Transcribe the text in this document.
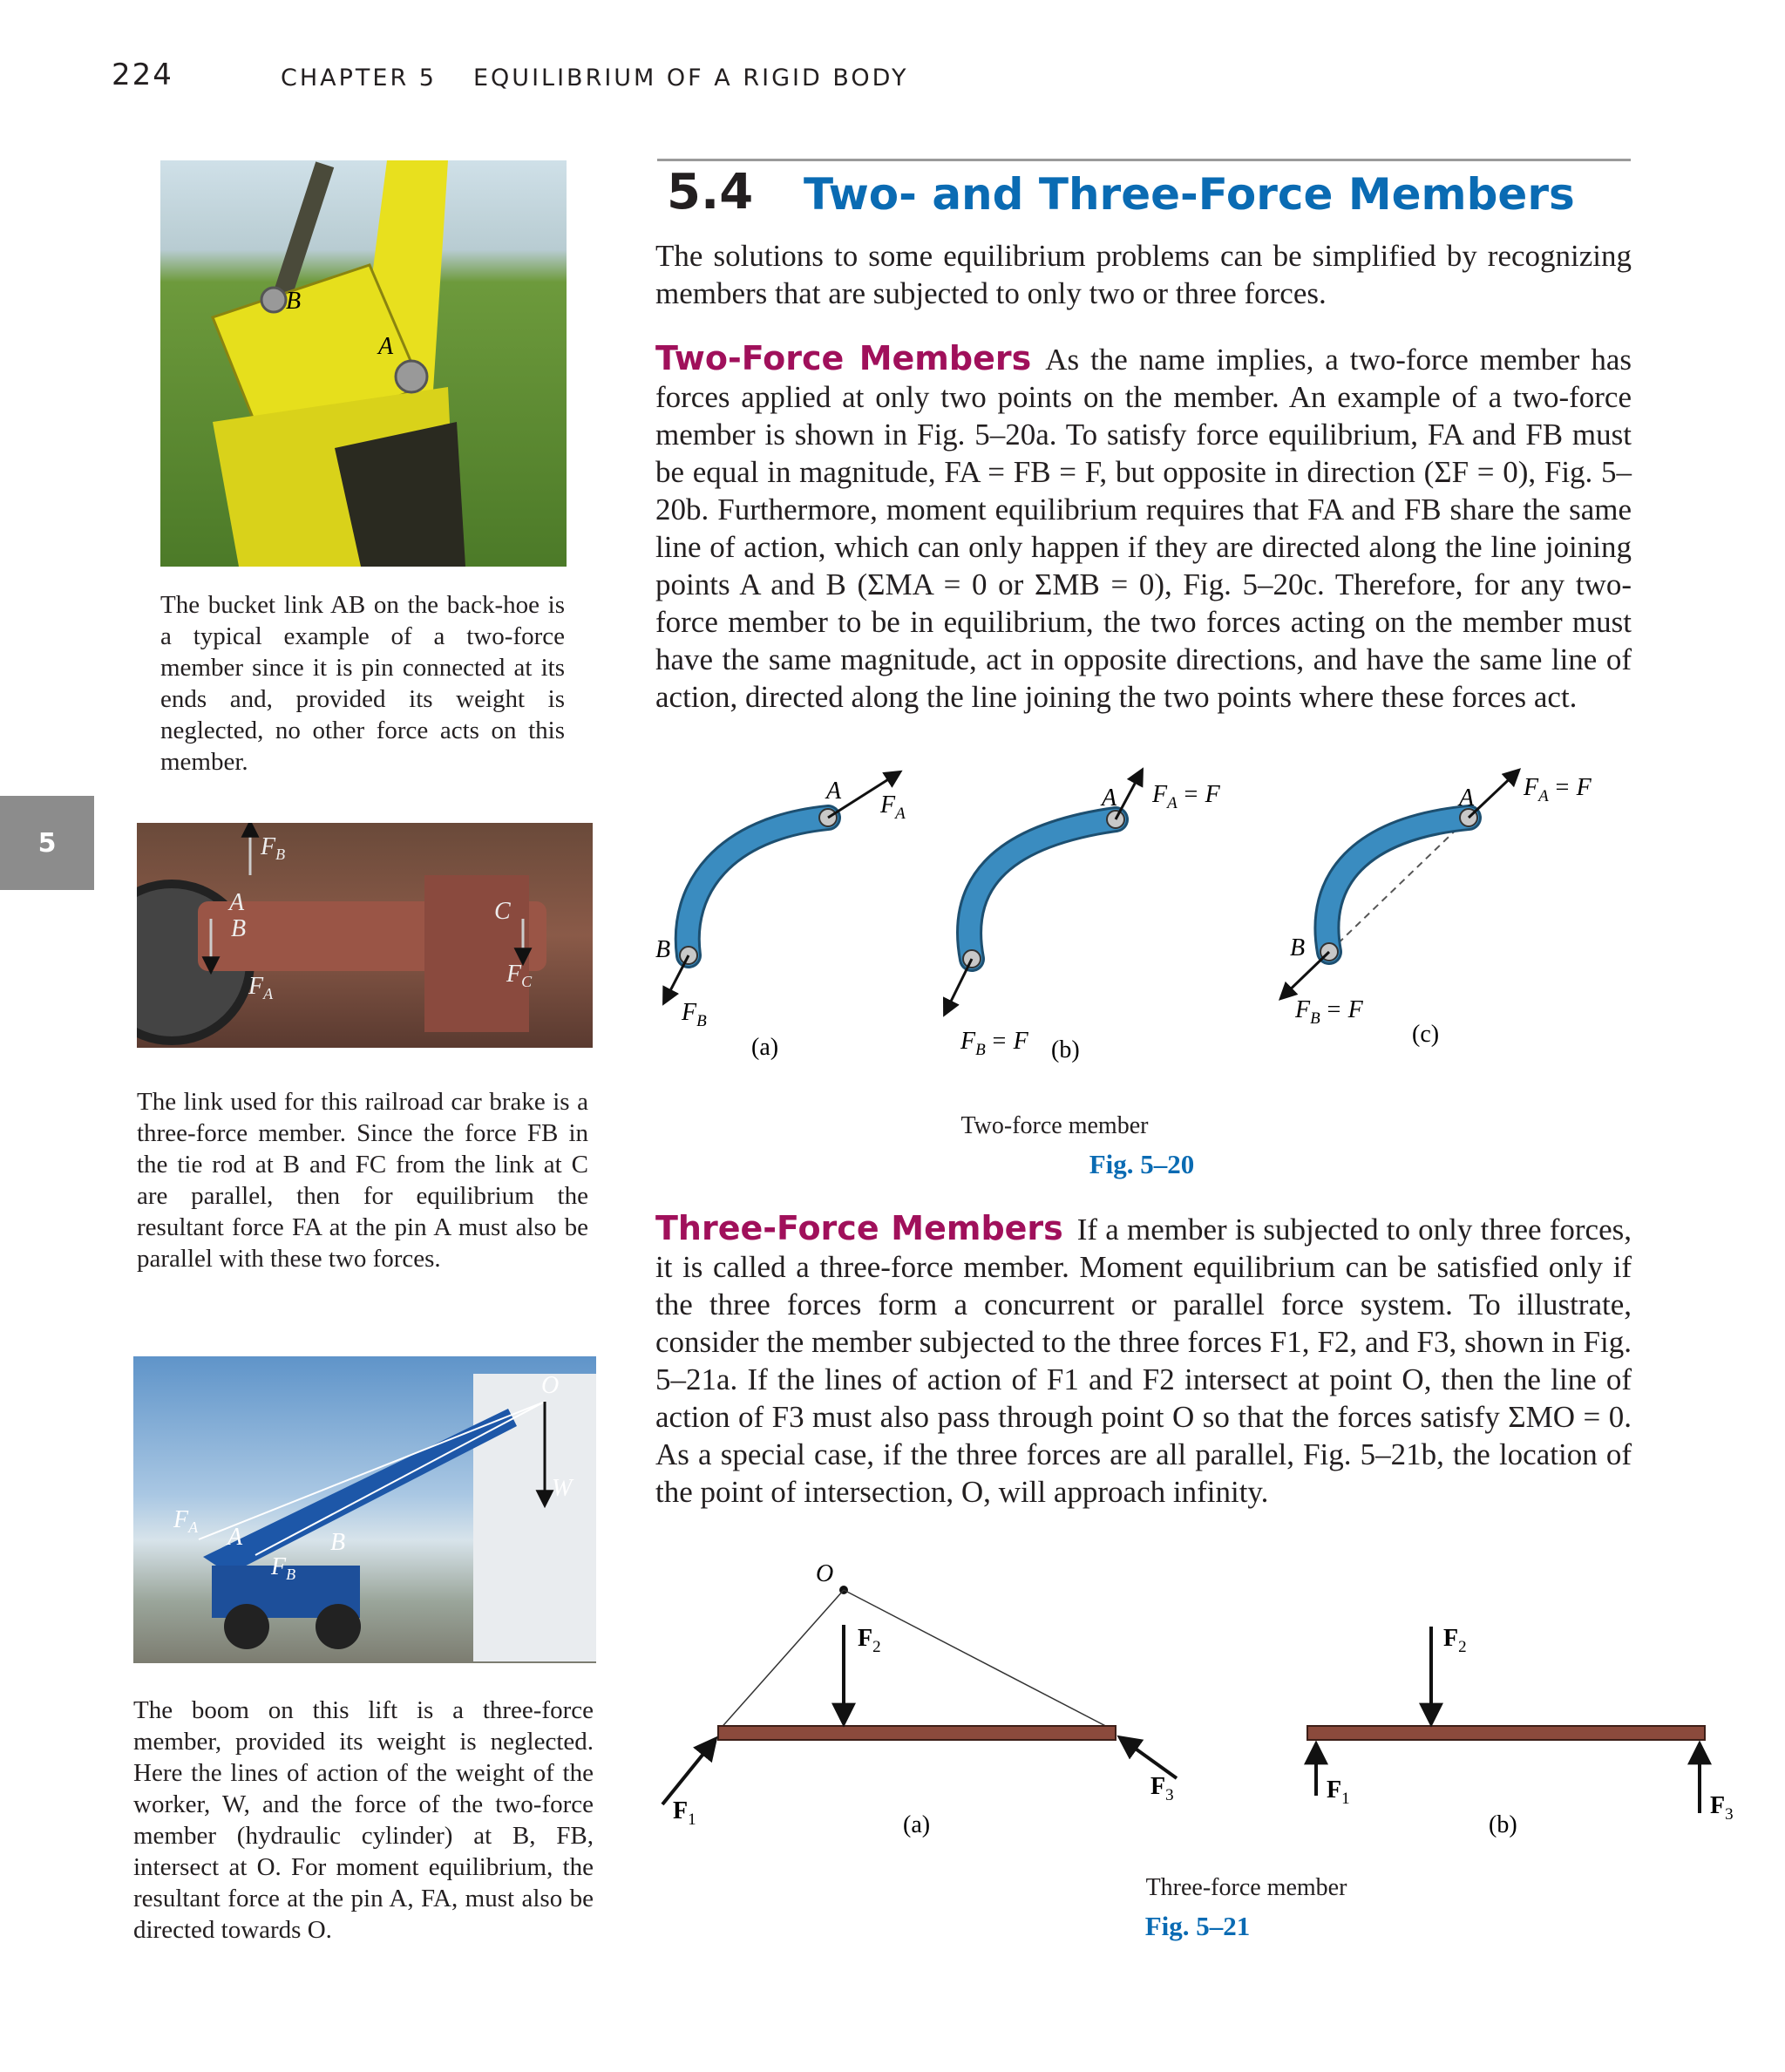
224	CHAPTER 5 EQUILIBRIUM OF A RIGID BODY
5
5.4 Two- and Three-Force Members
The solutions to some equilibrium problems can be simplified by recognizing members that are subjected to only two or three forces.
Two-Force Members As the name implies, a two-force member has forces applied at only two points on the member. An example of a two-force member is shown in Fig. 5–20a. To satisfy force equilibrium, FA and FB must be equal in magnitude, FA = FB = F, but opposite in direction (ΣF = 0), Fig. 5–20b. Furthermore, moment equilibrium requires that FA and FB share the same line of action, which can only happen if they are directed along the line joining points A and B (ΣMA = 0 or ΣMB = 0), Fig. 5–20c. Therefore, for any two-force member to be in equilibrium, the two forces acting on the member must have the same magnitude, act in opposite directions, and have the same line of action, directed along the line joining the two points where these forces act.
A
$F_A$
B
$F_B$
(a)
A $F_A = F$
$F_B = F$ (b)
A $F_A = F$
B
$F_B = F$
(c)
Two-force member
Fig. 5–20
Three-Force Members If a member is subjected to only three forces, it is called a three-force member. Moment equilibrium can be satisfied only if the three forces form a concurrent or parallel force system. To illustrate, consider the member subjected to the three forces F1, F2, and F3, shown in Fig. 5–21a. If the lines of action of F1 and F2 intersect at point O, then the line of action of F3 must also pass through point O so that the forces satisfy ΣMO = 0. As a special case, if the three forces are all parallel, Fig. 5–21b, the location of the point of intersection, O, will approach infinity.
O
$F_2$
$F_1$
$F_3$
(a)
$F_2$
$F_1$	$F_3$
(b)
Three-force member
Fig. 5–21
B
A
The bucket link AB on the back-hoe is a typical example of a two-force member since it is pin connected at its ends and, provided its weight is neglected, no other force acts on this member.
$F_B$
B
A	C
$F_A$
$F_C$
The link used for this railroad car brake is a three-force member. Since the force FB in the tie rod at B and FC from the link at C are parallel, then for equilibrium the resultant force FA at the pin A must also be parallel with these two forces.
O
W
A	B
$F_A$
$F_B$
The boom on this lift is a three-force member, provided its weight is neglected. Here the lines of action of the weight of the worker, W, and the force of the two-force member (hydraulic cylinder) at B, FB, intersect at O. For moment equilibrium, the resultant force at the pin A, FA, must also be directed towards O.
